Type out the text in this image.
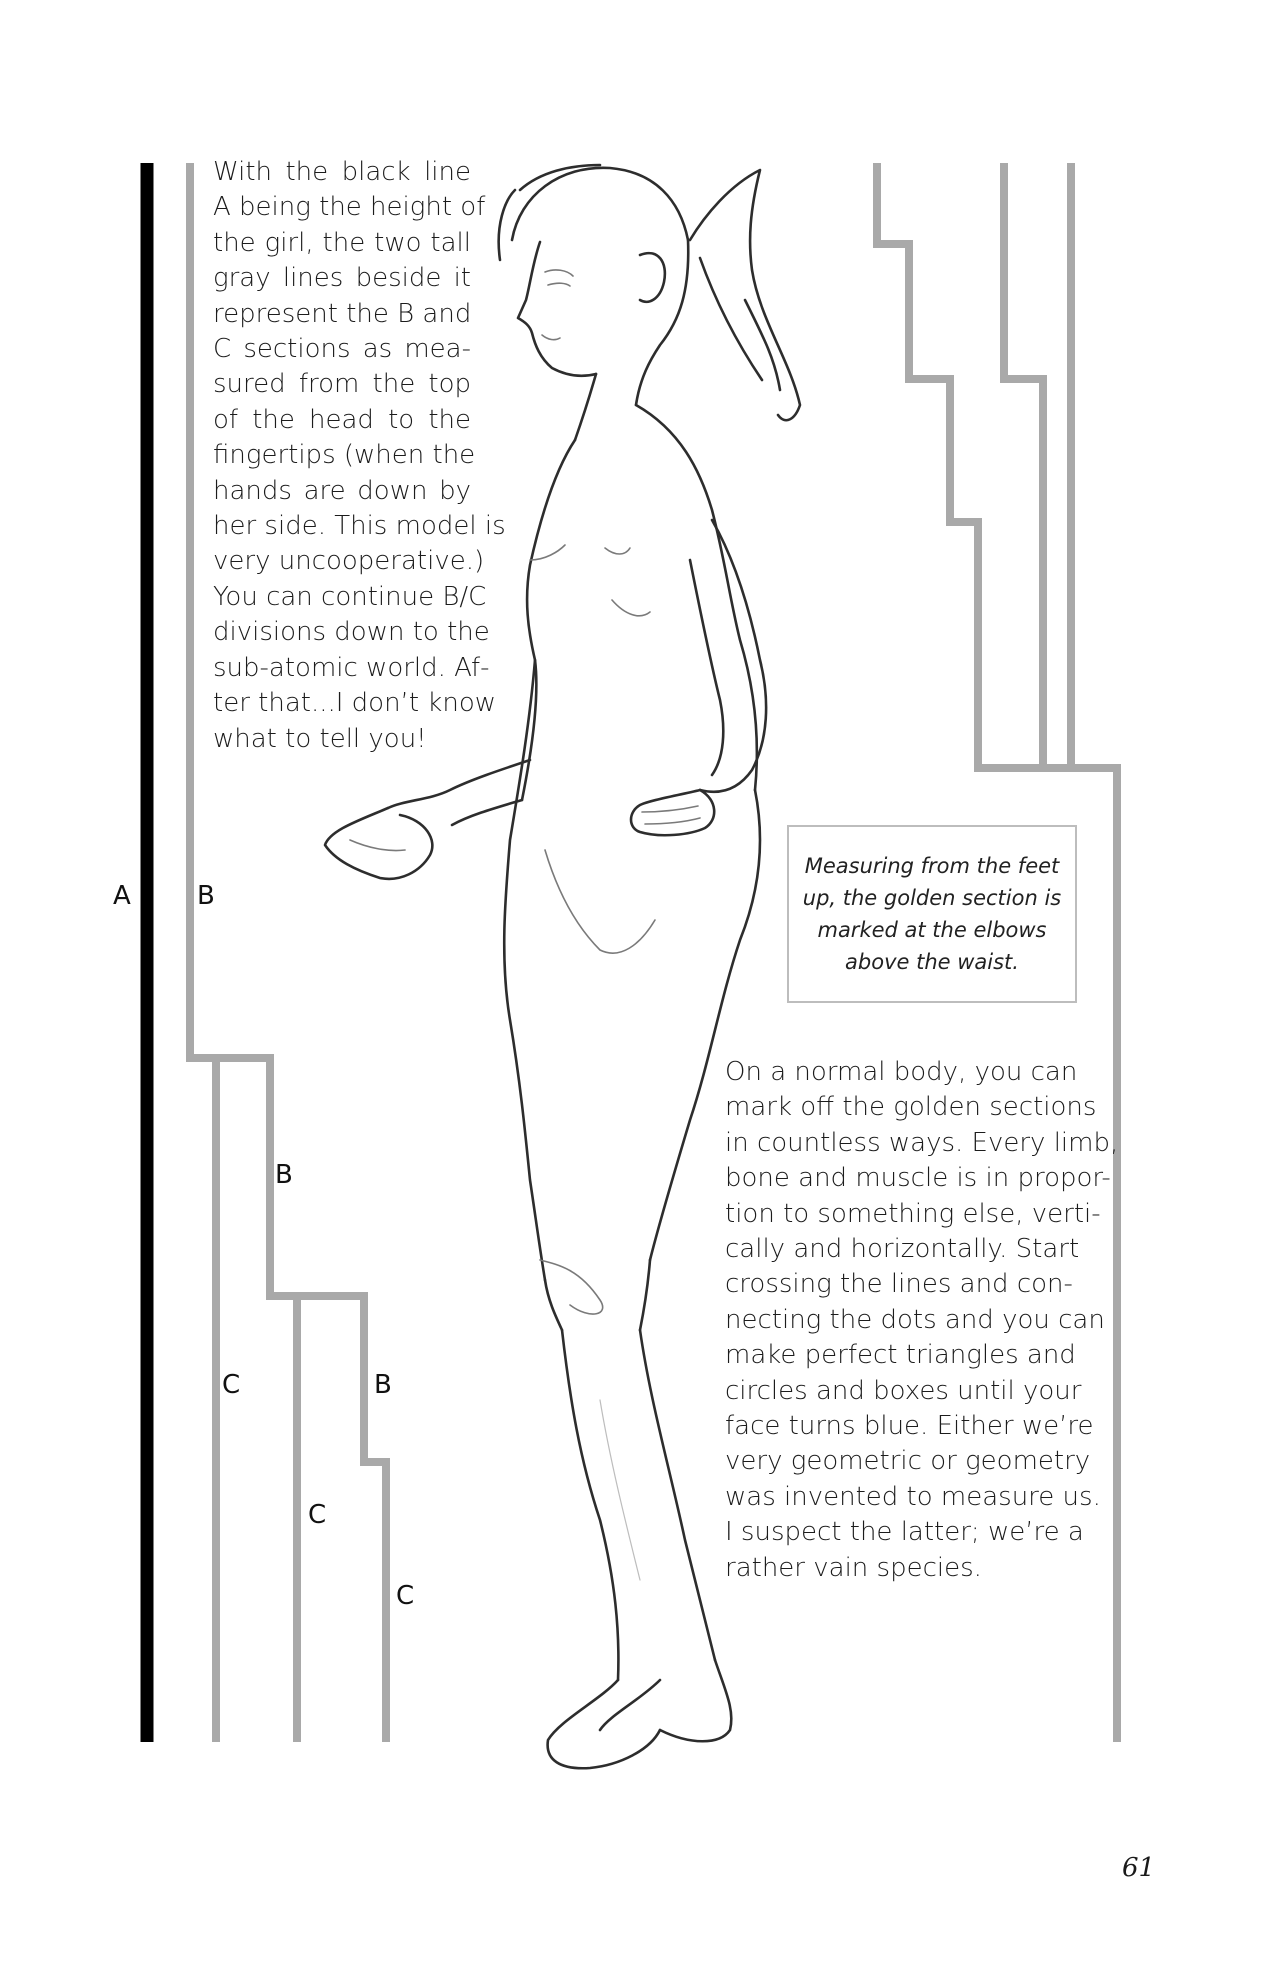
A	B
B
C	B
C
C
With the black line
A being the height of
the girl, the two tall
gray lines beside it
represent the B and
C sections as mea-
sured from the top
of the head to the
fingertips (when the
hands are down by
her side. This model is
very uncooperative.)
You can continue B/C
divisions down to the
sub-atomic world. Af-
ter that...I don’t know
what to tell you!
Measuring from the feet
up, the golden section is
marked at the elbows
above the waist.
On a normal body, you can
mark off the golden sections
in countless ways. Every limb,
bone and muscle is in propor-
tion to something else, verti-
cally and horizontally. Start
crossing the lines and con-
necting the dots and you can
make perfect triangles and
circles and boxes until your
face turns blue. Either we’re
very geometric or geometry
was invented to measure us.
I suspect the latter; we’re a
rather vain species.
61
